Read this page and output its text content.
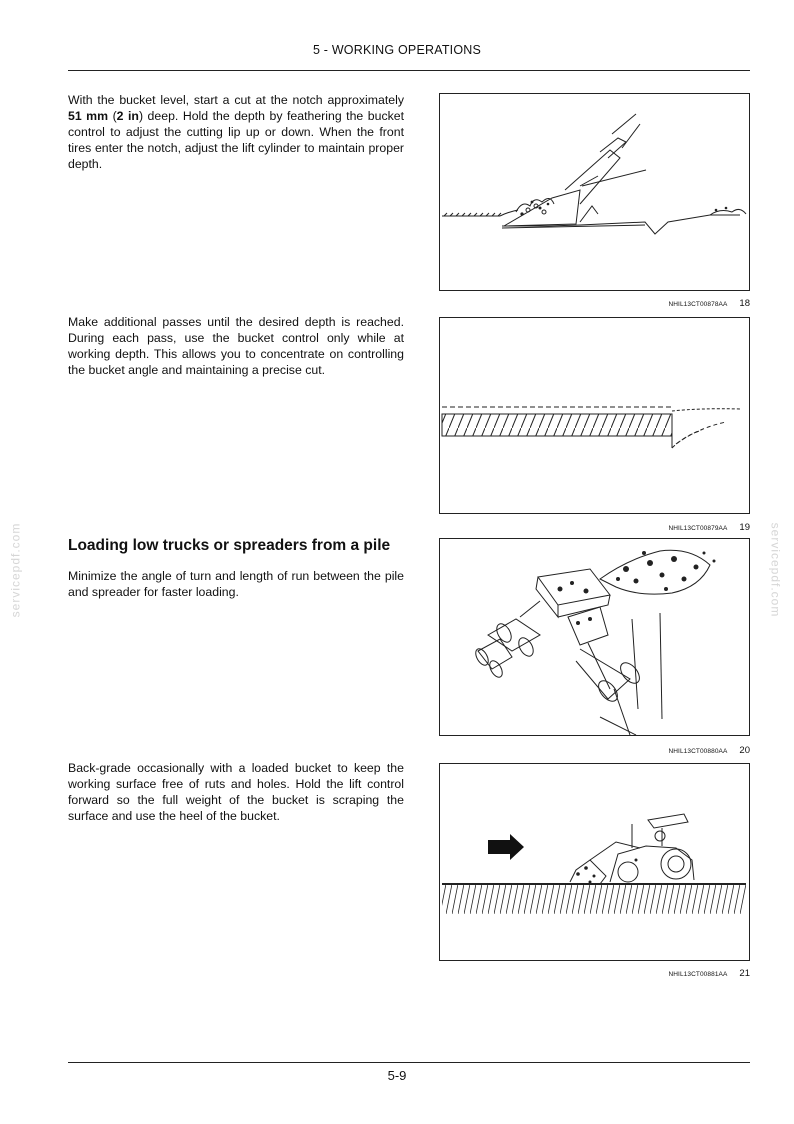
5 - WORKING OPERATIONS

With the bucket level, start a cut at the notch approximately 51 mm (2 in) deep. Hold the depth by feathering the bucket control to adjust the cutting lip up or down. When the front tires enter the notch, adjust the lift cylinder to maintain proper depth.

NHIL13CT00878AA 18

Make additional passes until the desired depth is reached. During each pass, use the bucket control only while at working depth. This allows you to concentrate on controlling the bucket angle and maintaining a precise cut.

NHIL13CT00879AA 19
Loading low trucks or spreaders from a pile

Minimize the angle of turn and length of run between the pile and spreader for faster loading.

NHIL13CT00880AA 20

Back-grade occasionally with a loaded bucket to keep the working surface free of ruts and holes. Hold the lift control forward so the full weight of the bucket is scraping the surface and use the heel of the bucket.

NHIL13CT00881AA 21
servicepdf.com	servicepdf.com
5-9
